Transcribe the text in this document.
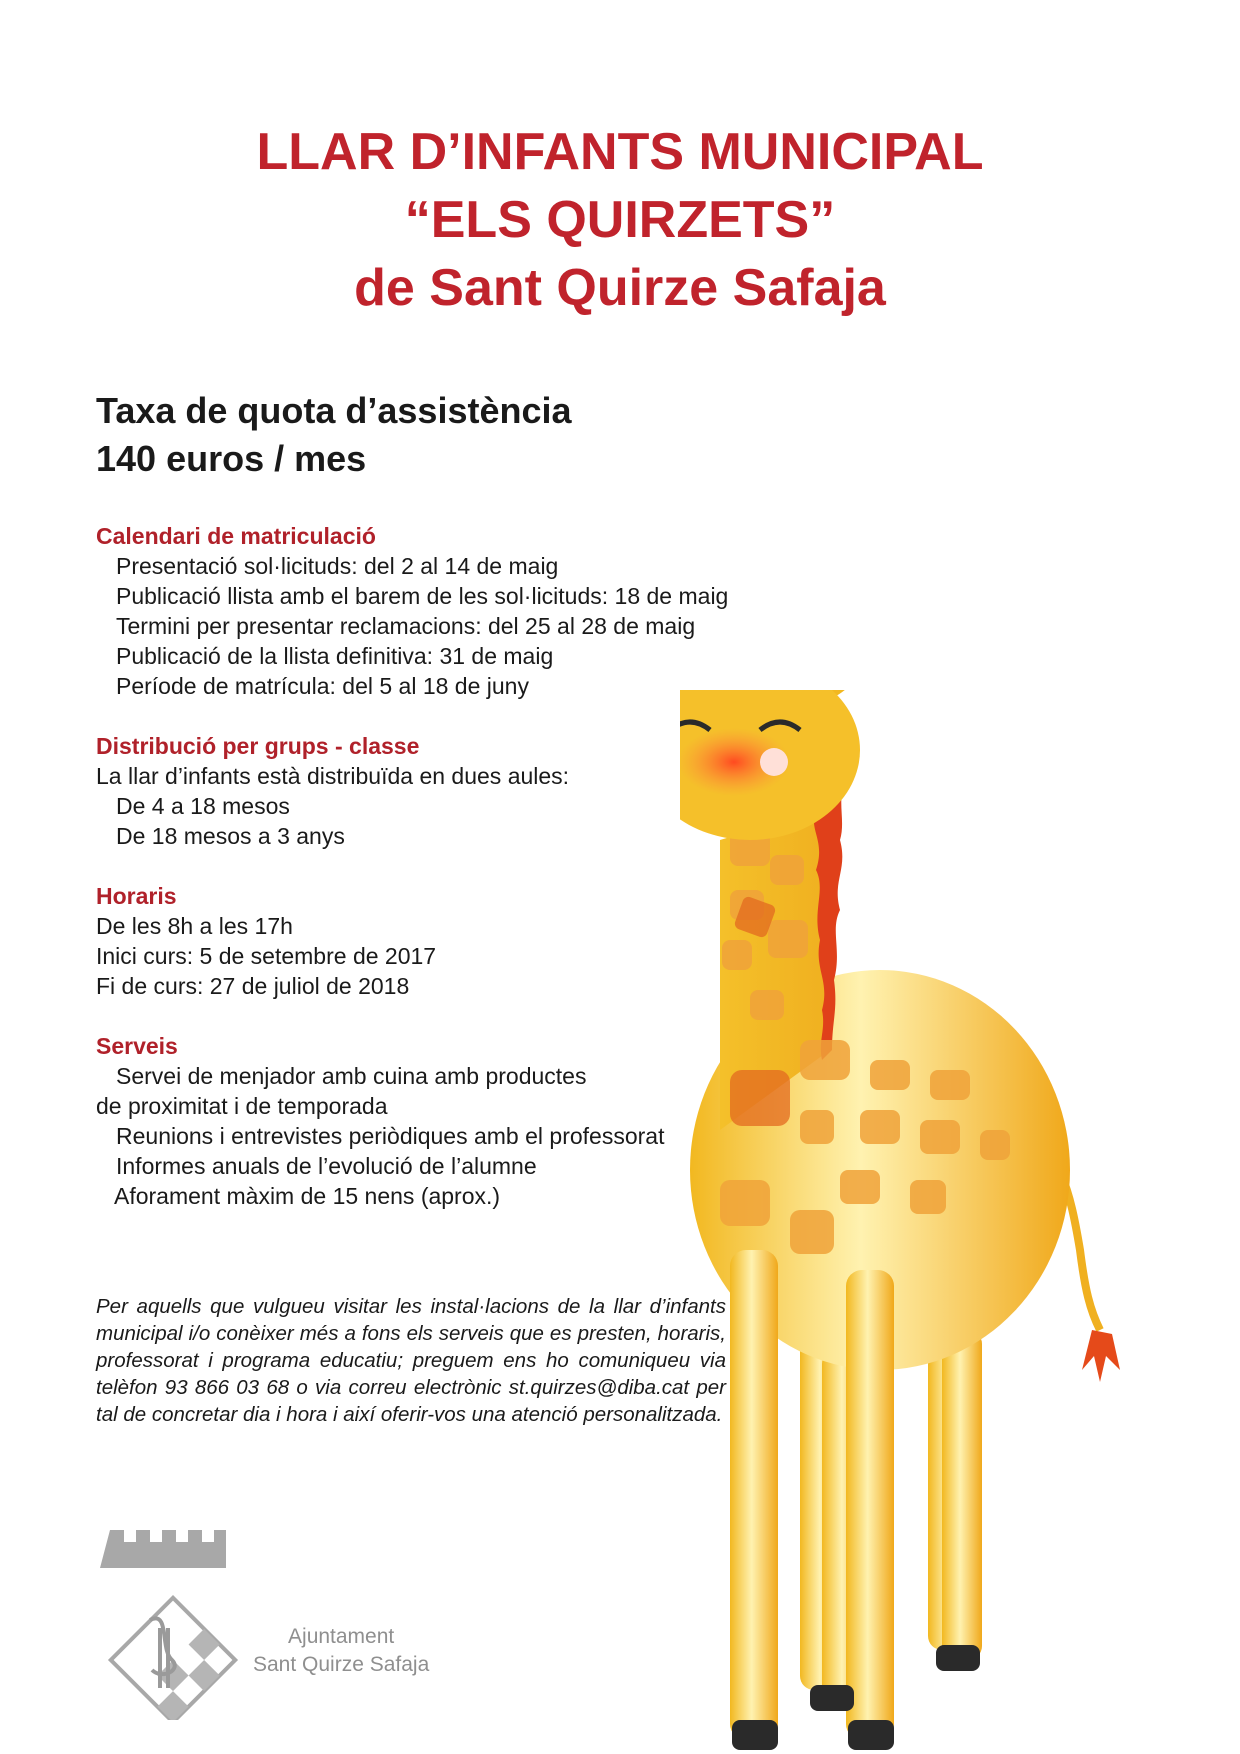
LLAR D’INFANTS MUNICIPAL
“ELS QUIRZETS”
de Sant Quirze Safaja
Taxa de quota d’assistència
140 euros / mes
Calendari de matriculació
Presentació sol·licituds: del 2 al 14 de maig
Publicació llista amb el barem de les sol·licituds: 18 de maig
Termini per presentar reclamacions: del 25 al 28 de maig
Publicació de la llista definitiva: 31 de maig
Període de matrícula: del 5 al 18 de juny
Distribució per grups - classe
La llar d’infants està distribuïda en dues aules:
De 4 a 18 mesos
De 18 mesos a 3 anys
Horaris
De les 8h a les 17h
Inici curs: 5 de setembre de 2017
Fi de curs: 27 de juliol de 2018
Serveis
Servei de menjador amb cuina amb productes
de proximitat i de temporada
Reunions i entrevistes periòdiques amb el professorat
Informes anuals de l’evolució de l’alumne
Aforament màxim de 15 nens (aprox.)

Per aquells que vulgueu visitar les instal·lacions de la llar d’infants municipal i/o conèixer més a fons els serveis que es presten, horaris, professorat i programa educatiu; preguem ens ho comuniqueu via telèfon 93 866 03 68 o via correu electrònic st.quirzes@diba.cat per tal de concretar dia i hora i així oferir-vos una atenció personalitzada.

Ajuntament
Sant Quirze Safaja
